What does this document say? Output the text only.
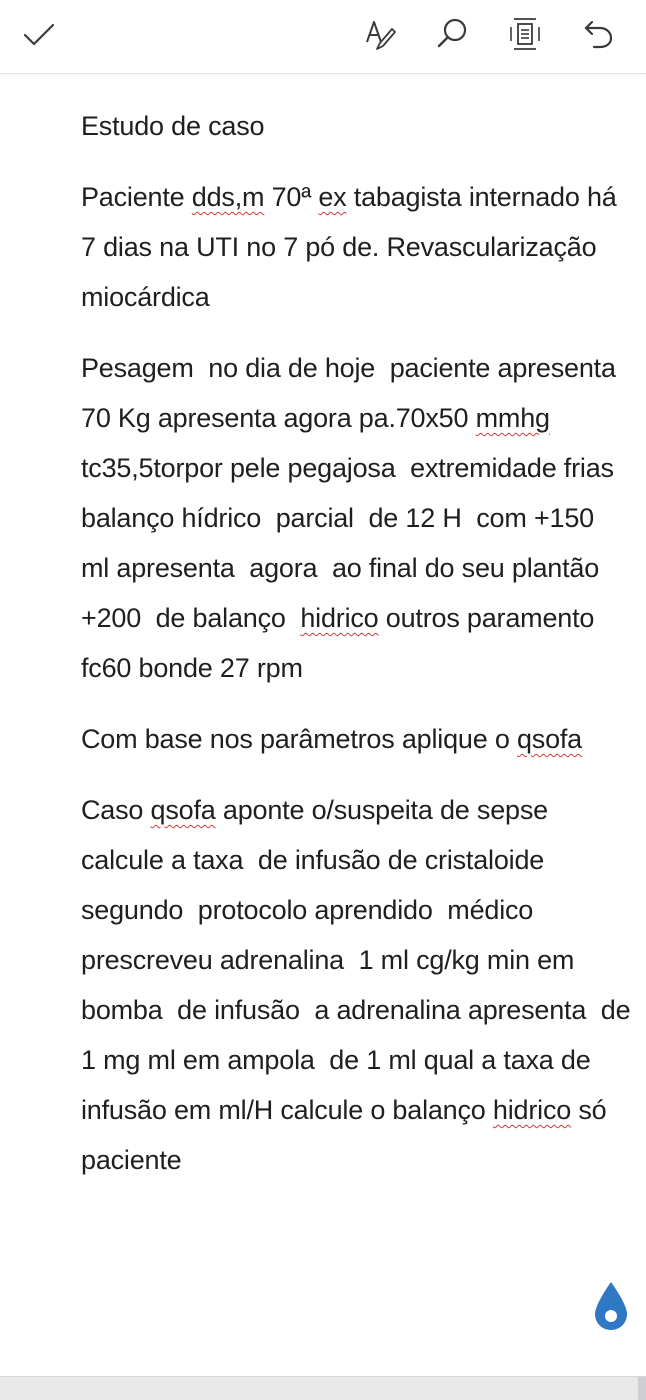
Estudo de caso

Paciente dds,m 70ª ex tabagista internado há 7 dias na UTI no 7 pó de. Revascularização miocárdica

Pesagem  no dia de hoje  paciente apresenta 70 Kg apresenta agora pa.70x50 mmhg tc35,5torpor pele pegajosa  extremidade frias balanço hídrico  parcial  de 12 H  com +150  ml apresenta  agora  ao final do seu plantão  +200  de balanço  hidrico outros paramento fc60 bonde 27 rpm

Com base nos parâmetros aplique o qsofa

Caso qsofa aponte o/suspeita de sepse calcule a taxa  de infusão de cristaloide segundo  protocolo aprendido  médico prescreveu adrenalina  1 ml cg/kg min em bomba  de infusão  a adrenalina apresenta  de 1 mg ml em ampola  de 1 ml qual a taxa de infusão em ml/H calcule o balanço hidrico só paciente
